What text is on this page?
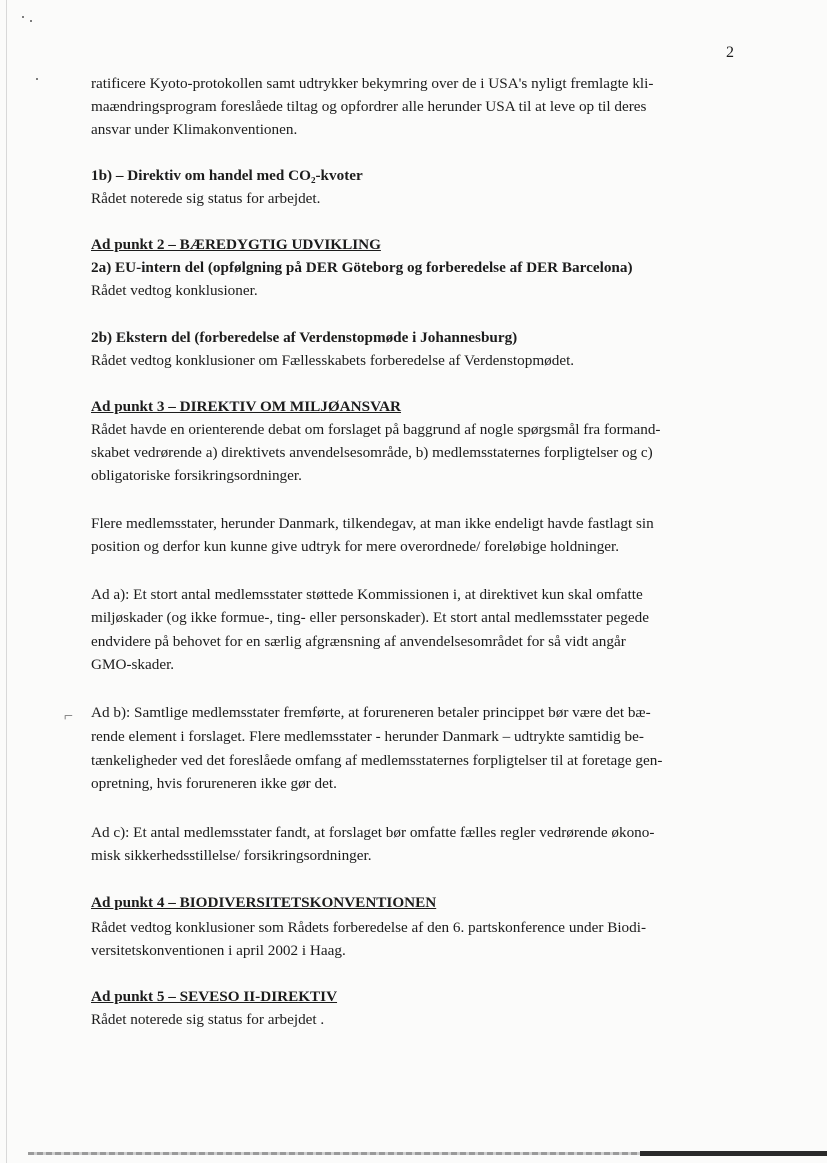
⌐
2
ratificere Kyoto-protokollen samt udtrykker bekymring over de i USA's nyligt fremlagte kli-
maændringsprogram foreslåede tiltag og opfordrer alle herunder USA til at leve op til deres
ansvar under Klimakonventionen.
1b) – Direktiv om handel med CO₂-kvoter
Rådet noterede sig status for arbejdet.
Ad punkt 2 – BÆREDYGTIG UDVIKLING
2a) EU-intern del (opfølgning på DER Göteborg og forberedelse af DER Barcelona)
Rådet vedtog konklusioner.
2b) Ekstern del (forberedelse af Verdenstopmøde i Johannesburg)
Rådet vedtog konklusioner om Fællesskabets forberedelse af Verdenstopmødet.
Ad punkt 3 – DIREKTIV OM MILJØANSVAR
Rådet havde en orienterende debat om forslaget på baggrund af nogle spørgsmål fra formand-
skabet vedrørende a) direktivets anvendelsesområde, b) medlemsstaternes forpligtelser og c)
obligatoriske forsikringsordninger.
Flere medlemsstater, herunder Danmark, tilkendegav, at man ikke endeligt havde fastlagt sin
position og derfor kun kunne give udtryk for mere overordnede/ foreløbige holdninger.
Ad a): Et stort antal medlemsstater støttede Kommissionen i, at direktivet kun skal omfatte
miljøskader (og ikke formue-, ting- eller personskader). Et stort antal medlemsstater pegede
endvidere på behovet for en særlig afgrænsning af anvendelsesområdet for så vidt angår
GMO-skader.
Ad b): Samtlige medlemsstater fremførte, at forureneren betaler princippet bør være det bæ-
rende element i forslaget. Flere medlemsstater - herunder Danmark – udtrykte samtidig be-
tænkeligheder ved det foreslåede omfang af medlemsstaternes forpligtelser til at foretage gen-
opretning, hvis forureneren ikke gør det.
Ad c): Et antal medlemsstater fandt, at forslaget bør omfatte fælles regler vedrørende økono-
misk sikkerhedsstillelse/ forsikringsordninger.
Ad punkt 4 – BIODIVERSITETSKONVENTIONEN
Rådet vedtog konklusioner som Rådets forberedelse af den 6. partskonference under Biodi-
versitetskonventionen i april 2002 i Haag.
Ad punkt 5 – SEVESO II-DIREKTIV
Rådet noterede sig status for arbejdet .
